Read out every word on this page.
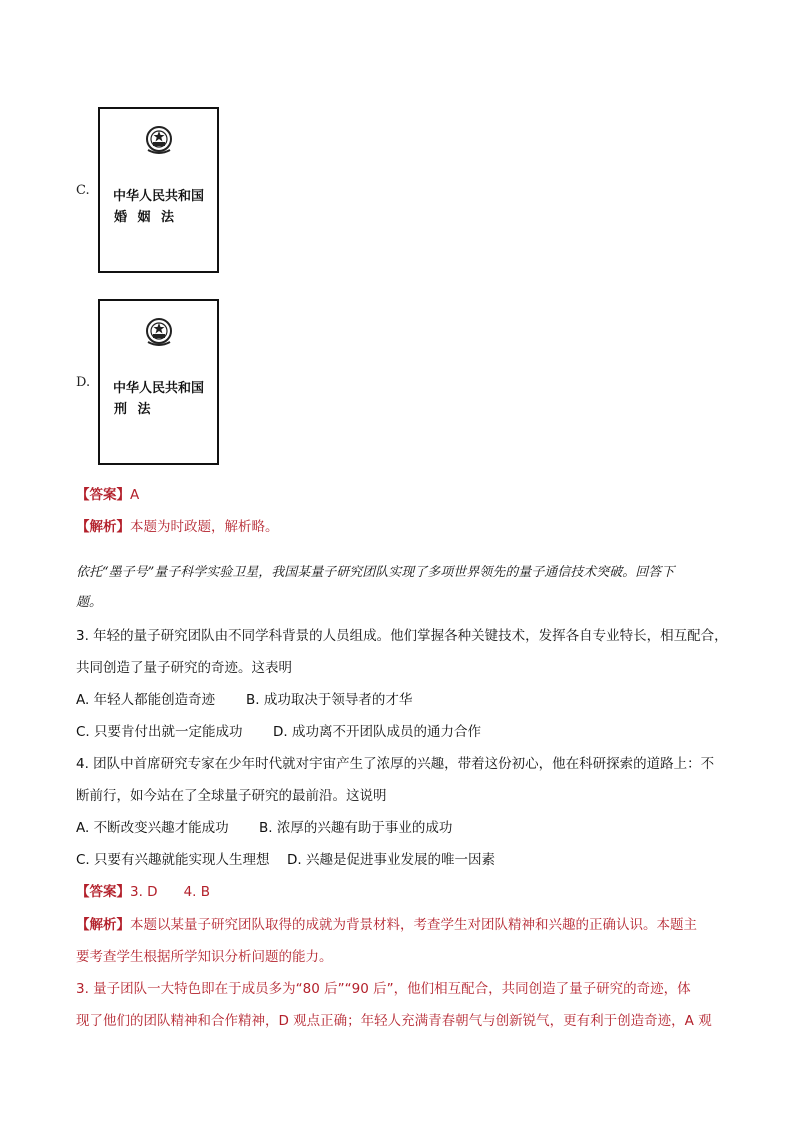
C.	中华人民共和国
婚 姻 法
D.	中华人民共和国
刑 法
【答案】A
【解析】本题为时政题，解析略。
依托“墨子号”量子科学实验卫星，我国某量子研究团队实现了多项世界领先的量子通信技术突破。回答下
题。
3. 年轻的量子研究团队由不同学科背景的人员组成。他们掌握各种关键技术，发挥各自专业特长，相互配合，
共同创造了量子研究的奇迹。这表明
A. 年轻人都能创造奇迹 B. 成功取决于领导者的才华
C. 只要肯付出就一定能成功 D. 成功离不开团队成员的通力合作
4. 团队中首席研究专家在少年时代就对宇宙产生了浓厚的兴趣，带着这份初心，他在科研探索的道路上：不
断前行，如今站在了全球量子研究的最前沿。这说明
A. 不断改变兴趣才能成功 B. 浓厚的兴趣有助于事业的成功
C. 只要有兴趣就能实现人生理想 D. 兴趣是促进事业发展的唯一因素
【答案】3. D 4. B
【解析】本题以某量子研究团队取得的成就为背景材料，考查学生对团队精神和兴趣的正确认识。本题主
要考查学生根据所学知识分析问题的能力。
3. 量子团队一大特色即在于成员多为“80 后”“90 后”，他们相互配合，共同创造了量子研究的奇迹，体
现了他们的团队精神和合作精神，D 观点正确；年轻人充满青春朝气与创新锐气，更有利于创造奇迹，A 观
